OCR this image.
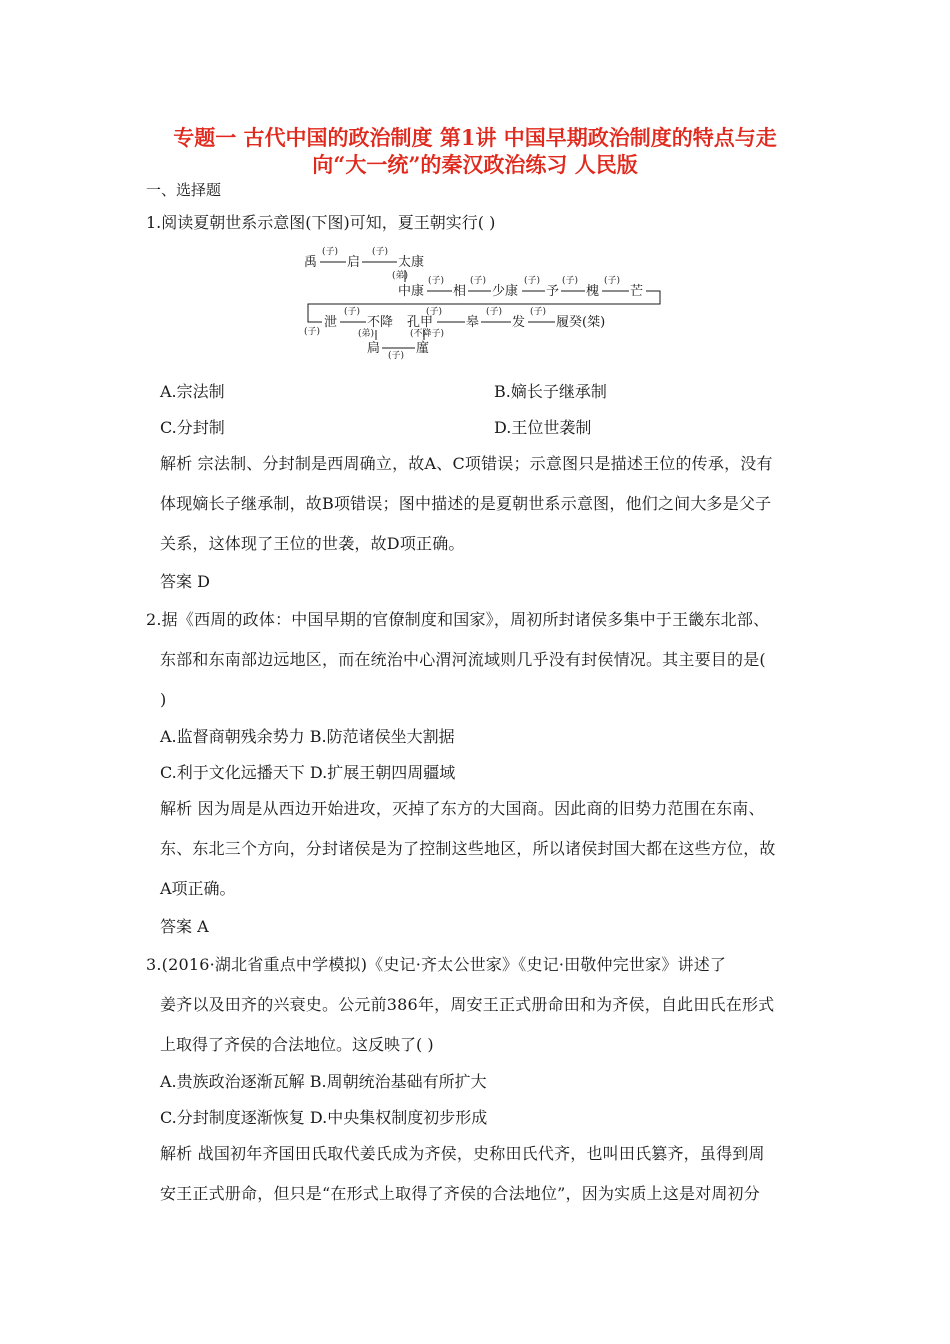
专题一 古代中国的政治制度 第1讲 中国早期政治制度的特点与走
向“大一统”的秦汉政治练习 人民版
一、选择题
1.阅读夏朝世系示意图(下图)可知，夏王朝实行( )
禹 启	太康
中康 相 少康 予 槐 芒
泄 不降 孔甲	皋	发 履癸(桀)
扃	廑
(子)	(子)
(弟) (子)	(子)	(子) (子)	(子)
(子)
(子)	(子)
(弟)	(不降子)
(子)	(子)
(子)
A.宗法制	B.嫡长子继承制
C.分封制	D.王位世袭制
解析 宗法制、分封制是西周确立，故A、C项错误；示意图只是描述王位的传承，没有
体现嫡长子继承制，故B项错误；图中描述的是夏朝世系示意图，他们之间大多是父子
关系，这体现了王位的世袭，故D项正确。
答案 D
2.据《西周的政体：中国早期的官僚制度和国家》，周初所封诸侯多集中于王畿东北部、
东部和东南部边远地区，而在统治中心渭河流域则几乎没有封侯情况。其主要目的是(
)
A.监督商朝残余势力 B.防范诸侯坐大割据
C.利于文化远播天下 D.扩展王朝四周疆域
解析 因为周是从西边开始进攻，灭掉了东方的大国商。因此商的旧势力范围在东南、
东、东北三个方向，分封诸侯是为了控制这些地区，所以诸侯封国大都在这些方位，故
A项正确。
答案 A
3.(2016·湖北省重点中学模拟)《史记·齐太公世家》《史记·田敬仲完世家》讲述了
姜齐以及田齐的兴衰史。公元前386年，周安王正式册命田和为齐侯，自此田氏在形式
上取得了齐侯的合法地位。这反映了( )
A.贵族政治逐渐瓦解 B.周朝统治基础有所扩大
C.分封制度逐渐恢复 D.中央集权制度初步形成
解析 战国初年齐国田氏取代姜氏成为齐侯，史称田氏代齐，也叫田氏篡齐，虽得到周
安王正式册命，但只是“在形式上取得了齐侯的合法地位”，因为实质上这是对周初分
